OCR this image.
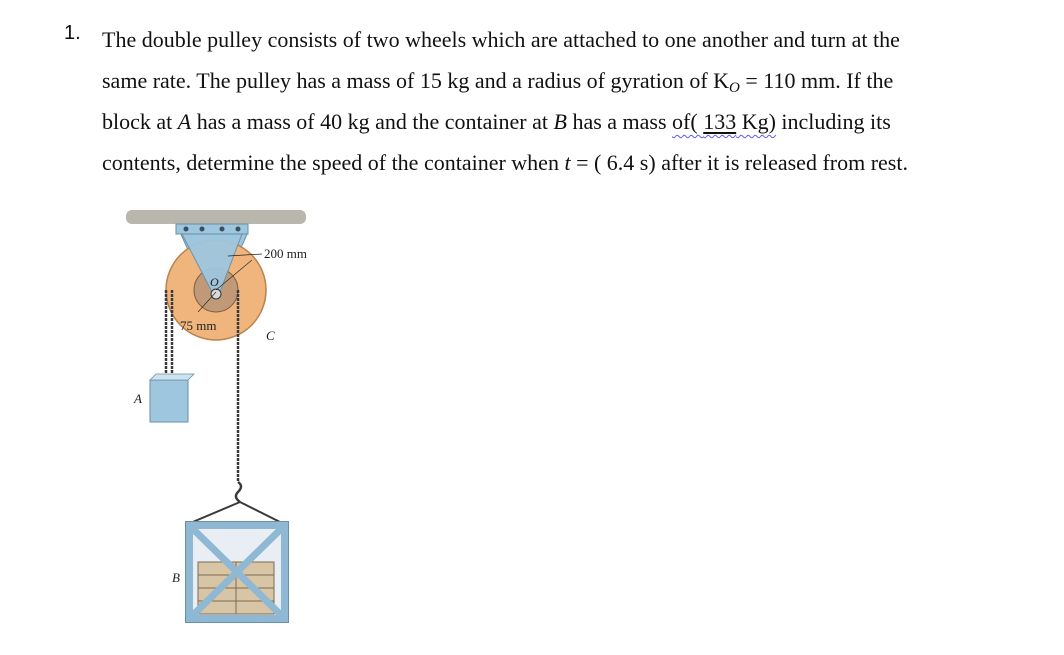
1. The double pulley consists of two wheels which are attached to one another and turn at the
same rate. The pulley has a mass of 15 kg and a radius of gyration of $K_O = 110$ mm. If the
block at A has a mass of 40 kg and the container at B has a mass of( 133 Kg) including its
contents, determine the speed of the container when t = ( 6.4 s) after it is released from rest.
200 mm
75 mm
O
C
A
B
